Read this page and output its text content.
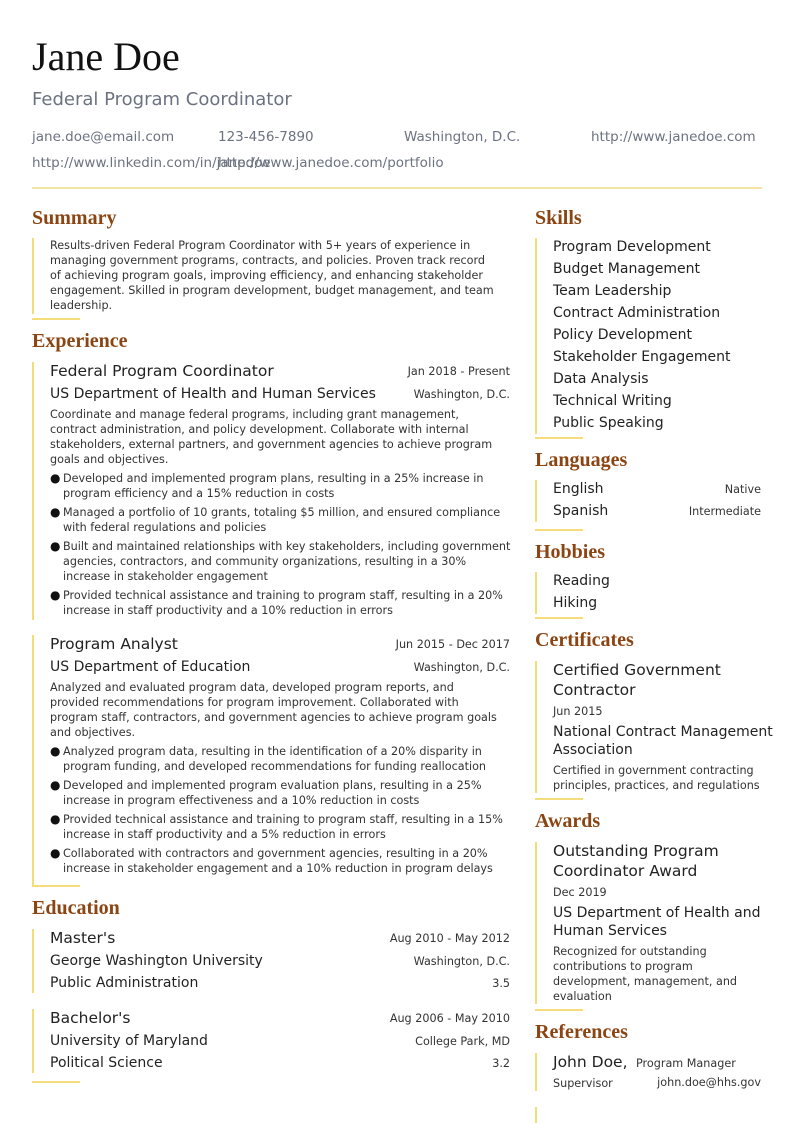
Jane Doe
Federal Program Coordinator
jane.doe@email.com	123-456-7890	Washington, D.C.	http://www.janedoe.com
http://www.linkedin.com/in/janedoe
http://www.janedoe.com/portfolio
Summary
Results-driven Federal Program Coordinator with 5+ years of experience in
managing government programs, contracts, and policies. Proven track record
of achieving program goals, improving efficiency, and enhancing stakeholder
engagement. Skilled in program development, budget management, and team
leadership.
Experience
Federal Program Coordinator	Jan 2018 - Present
US Department of Health and Human Services	Washington, D.C.
Coordinate and manage federal programs, including grant management,
contract administration, and policy development. Collaborate with internal
stakeholders, external partners, and government agencies to achieve program
goals and objectives.
● Developed and implemented program plans, resulting in a 25% increase in
program efficiency and a 15% reduction in costs
● Managed a portfolio of 10 grants, totaling $5 million, and ensured compliance
with federal regulations and policies
● Built and maintained relationships with key stakeholders, including government
agencies, contractors, and community organizations, resulting in a 30%
increase in stakeholder engagement
● Provided technical assistance and training to program staff, resulting in a 20%
increase in staff productivity and a 10% reduction in errors
Program Analyst	Jun 2015 - Dec 2017
US Department of Education	Washington, D.C.
Analyzed and evaluated program data, developed program reports, and
provided recommendations for program improvement. Collaborated with
program staff, contractors, and government agencies to achieve program goals
and objectives.
● Analyzed program data, resulting in the identification of a 20% disparity in
program funding, and developed recommendations for funding reallocation
● Developed and implemented program evaluation plans, resulting in a 25%
increase in program effectiveness and a 10% reduction in costs
● Provided technical assistance and training to program staff, resulting in a 15%
increase in staff productivity and a 5% reduction in errors
● Collaborated with contractors and government agencies, resulting in a 20%
increase in stakeholder engagement and a 10% reduction in program delays
Education
Master's	Aug 2010 - May 2012
George Washington University	Washington, D.C.
Public Administration	3.5
Bachelor's	Aug 2006 - May 2010
University of Maryland	College Park, MD
Political Science	3.2
Skills
Program Development
Budget Management
Team Leadership
Contract Administration
Policy Development
Stakeholder Engagement
Data Analysis
Technical Writing
Public Speaking
Languages
English	Native
Spanish	Intermediate
Hobbies
Reading
Hiking
Certificates
Certified Government
Contractor
Jun 2015
National Contract Management
Association
Certified in government contracting
principles, practices, and regulations
Awards
Outstanding Program
Coordinator Award
Dec 2019
US Department of Health and
Human Services
Recognized for outstanding
contributions to program
development, management, and
evaluation
References
John Doe, Program Manager
Supervisor	john.doe@hhs.gov
